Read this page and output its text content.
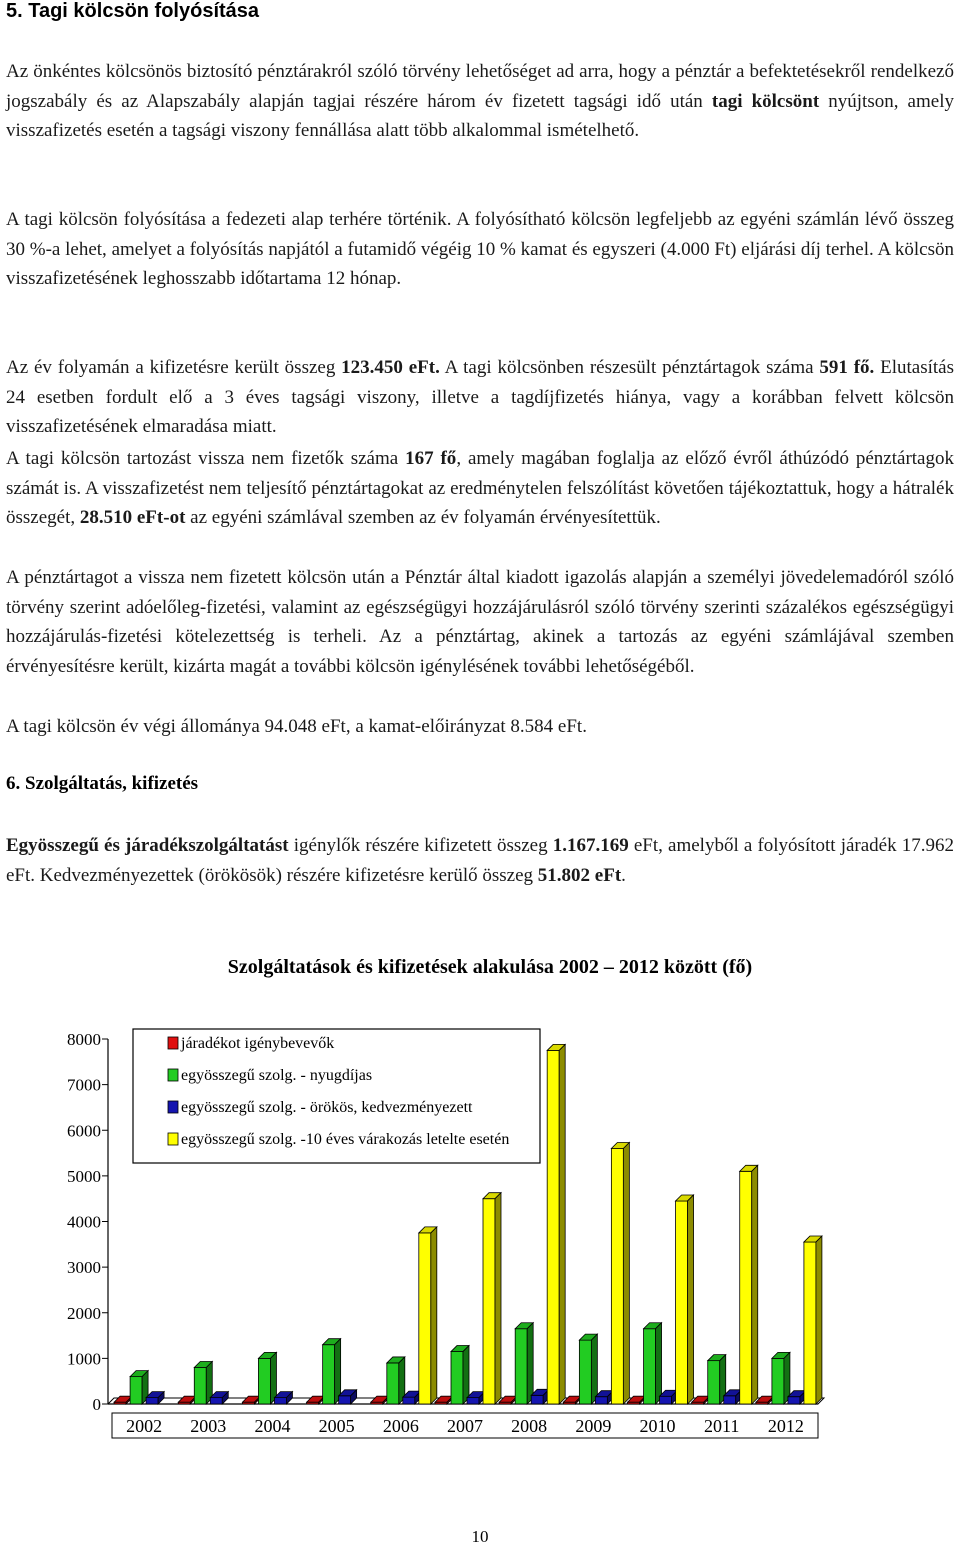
5. Tagi kölcsön folyósítása

Az önkéntes kölcsönös biztosító pénztárakról szóló törvény lehetőséget ad arra, hogy a pénztár a befektetésekről rendelkező jogszabály és az Alapszabály alapján tagjai részére három év fizetett tagsági idő után tagi kölcsönt nyújtson, amely visszafizetés esetén a tagsági viszony fennállása alatt több alkalommal ismételhető.

A tagi kölcsön folyósítása a fedezeti alap terhére történik. A folyósítható kölcsön legfeljebb az egyéni számlán lévő összeg 30 %-a lehet, amelyet a folyósítás napjától a futamidő végéig 10 % kamat és egyszeri (4.000 Ft) eljárási díj terhel. A kölcsön visszafizetésének leghosszabb időtartama 12 hónap.

Az év folyamán a kifizetésre került összeg 123.450 eFt. A tagi kölcsönben részesült pénztártagok száma 591 fő. Elutasítás 24 esetben fordult elő a 3 éves tagsági viszony, illetve a tagdíjfizetés hiánya, vagy a korábban felvett kölcsön visszafizetésének elmaradása miatt.

A tagi kölcsön tartozást vissza nem fizetők száma 167 fő, amely magában foglalja az előző évről áthúzódó pénztártagok számát is. A visszafizetést nem teljesítő pénztártagokat az eredménytelen felszólítást követően tájékoztattuk, hogy a hátralék összegét, 28.510 eFt-ot az egyéni számlával szemben az év folyamán érvényesítettük.

A pénztártagot a vissza nem fizetett kölcsön után a Pénztár által kiadott igazolás alapján a személyi jövedelemadóról szóló törvény szerint adóelőleg-fizetési, valamint az egészségügyi hozzájárulásról szóló törvény szerinti százalékos egészségügyi hozzájárulás-fizetési kötelezettség is terheli. Az a pénztártag, akinek a tartozás az egyéni számlájával szemben érvényesítésre került, kizárta magát a további kölcsön igénylésének további lehetőségéből.

A tagi kölcsön év végi állománya 94.048 eFt, a kamat-előirányzat 8.584 eFt.

6. Szolgáltatás, kifizetés

Egyösszegű és járadékszolgáltatást igénylők részére kifizetett összeg 1.167.169 eFt, amelyből a folyósított járadék 17.962 eFt. Kedvezményezettek (örökösök) részére kifizetésre kerülő összeg 51.802 eFt.

Szolgáltatások és kifizetések alakulása 2002 – 2012 között (fő)

0
1000
2000
3000
4000
5000
6000
7000
8000
2002 2003 2004 2005 2006 2007 2008 2009 2010 2011 2012
járadékot igénybevevők
egyösszegű szolg. - nyugdíjas
egyösszegű szolg. - örökös, kedvezményezett
egyösszegű szolg. -10 éves várakozás letelte esetén

10
